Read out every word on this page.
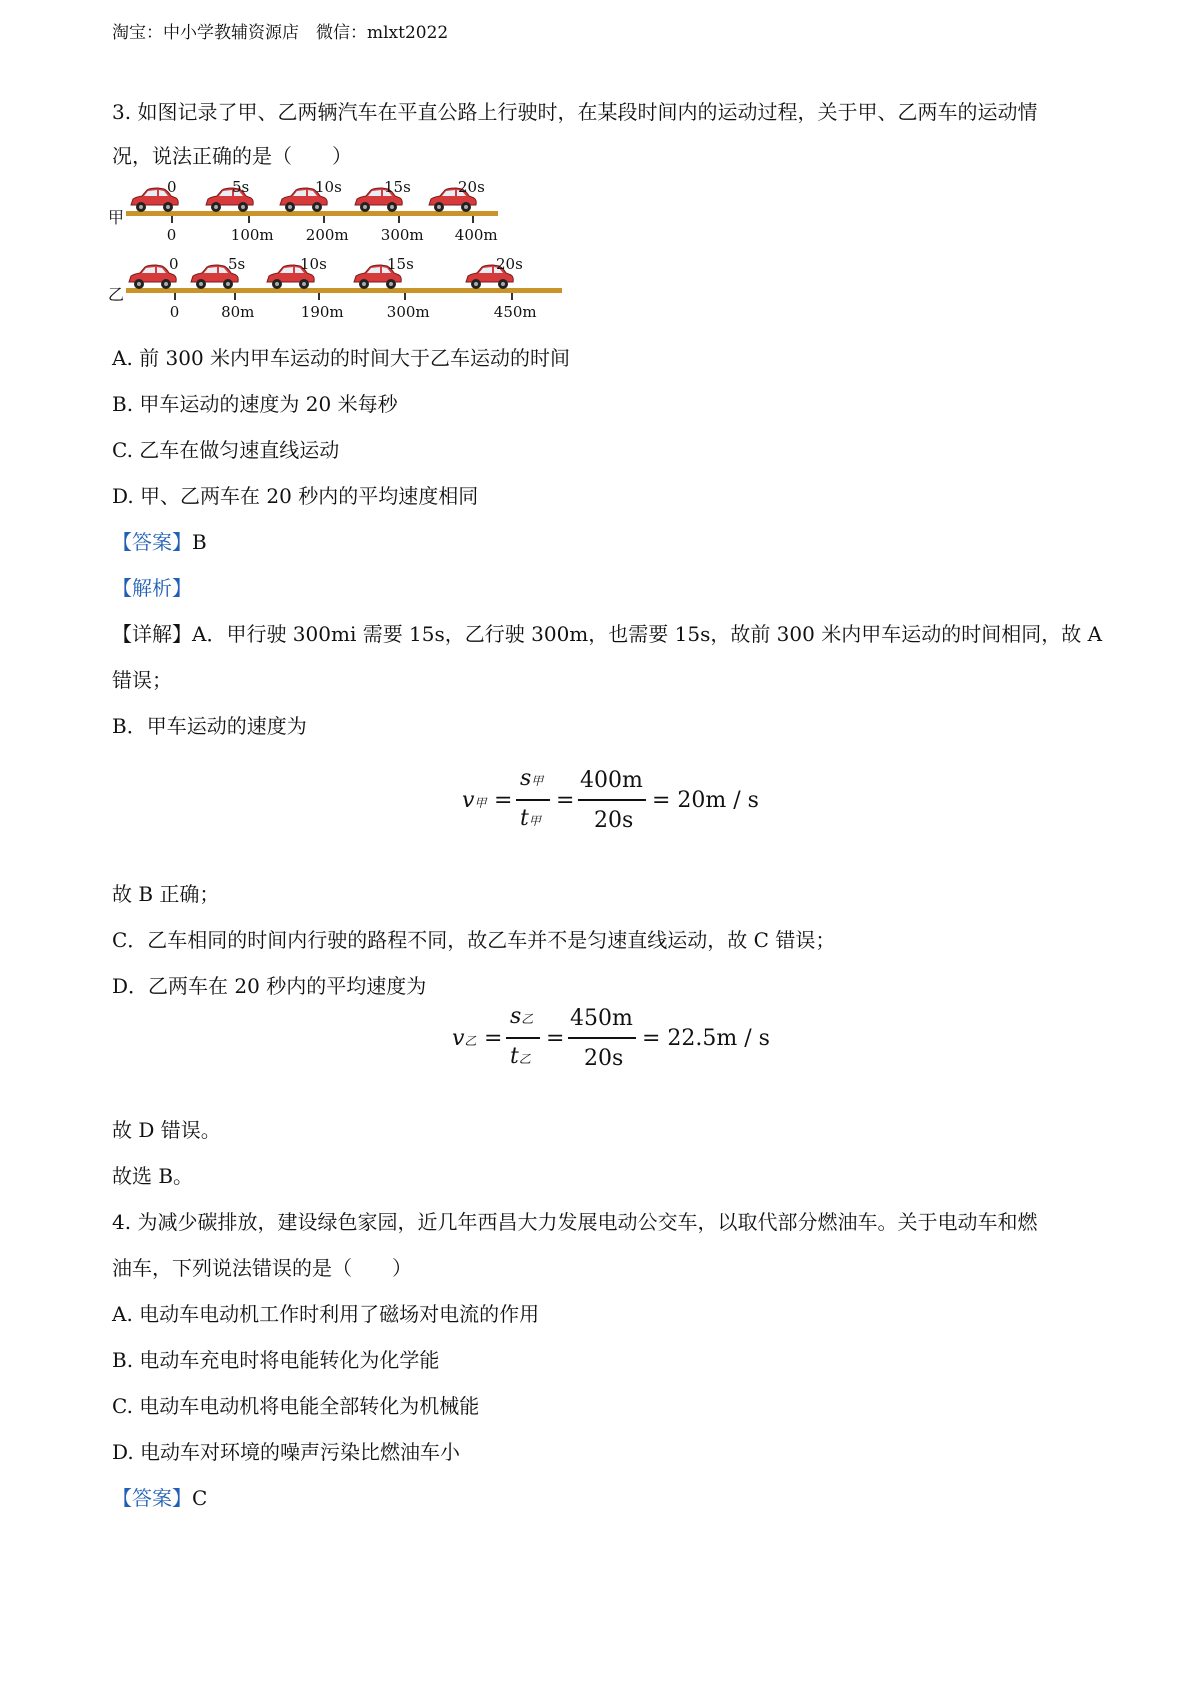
淘宝：中小学教辅资源店　微信：mlxt2022
3. 如图记录了甲、乙两辆汽车在平直公路上行驶时，在某段时间内的运动过程，关于甲、乙两车的运动情
况，说法正确的是（　　）
甲
乙
0	5s	10s	15s	20s
0	100m 200m 300m 400m
0	5s	10s	15s	20s
0	80m	190m	300m	450m
A. 前 300 米内甲车运动的时间大于乙车运动的时间
B. 甲车运动的速度为 20 米每秒
C. 乙车在做匀速直线运动
D. 甲、乙两车在 20 秒内的平均速度相同
【答案】B
【解析】
【详解】A．甲行驶 300mi 需要 15s，乙行驶 300m，也需要 15s，故前 300 米内甲车运动的时间相同，故 A
错误；
B．甲车运动的速度为
v甲 =
s甲
t甲
=
400m
20s
= 20m / s
故 B 正确；
C．乙车相同的时间内行驶的路程不同，故乙车并不是匀速直线运动，故 C 错误；
D．乙两车在 20 秒内的平均速度为
v乙 =
s乙
t乙
=
450m
20s
= 22.5m / s
故 D 错误。
故选 B。
4. 为减少碳排放，建设绿色家园，近几年西昌大力发展电动公交车，以取代部分燃油车。关于电动车和燃
油车，下列说法错误的是（　　）
A. 电动车电动机工作时利用了磁场对电流的作用
B. 电动车充电时将电能转化为化学能
C. 电动车电动机将电能全部转化为机械能
D. 电动车对环境的噪声污染比燃油车小
【答案】C
